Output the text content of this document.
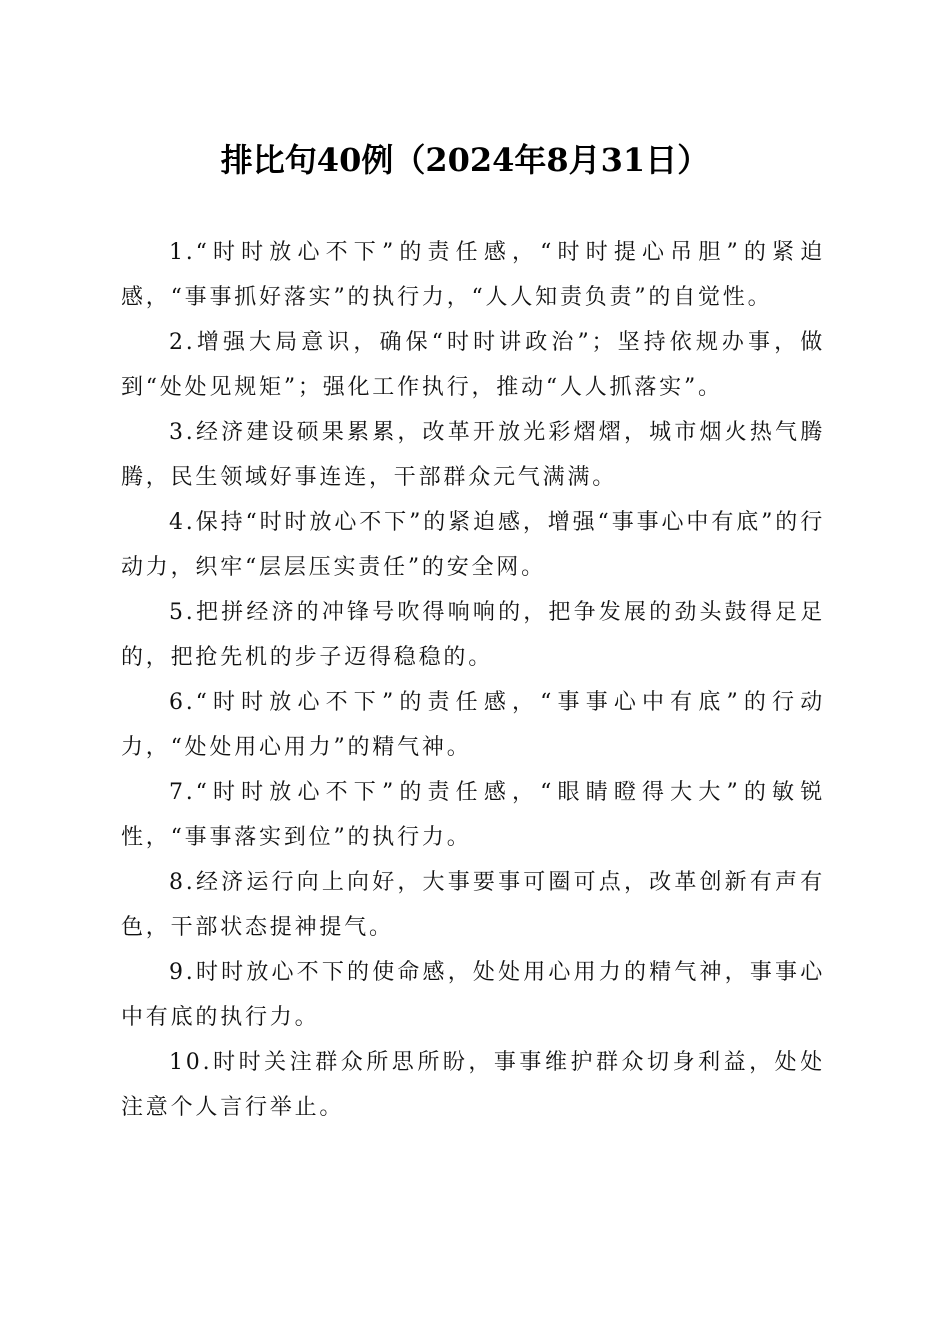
排比句40例（2024年8月31日）

1.“时时放心不下”的责任感，“时时提心吊胆”的紧迫感，“事事抓好落实”的执行力，“人人知责负责”的自觉性。

2.增强大局意识，确保“时时讲政治”；坚持依规办事，做到“处处见规矩”；强化工作执行，推动“人人抓落实”。

3.经济建设硕果累累，改革开放光彩熠熠，城市烟火热气腾腾，民生领域好事连连，干部群众元气满满。

4.保持“时时放心不下”的紧迫感，增强“事事心中有底”的行动力，织牢“层层压实责任”的安全网。

5.把拼经济的冲锋号吹得响响的，把争发展的劲头鼓得足足的，把抢先机的步子迈得稳稳的。

6.“时时放心不下”的责任感，“事事心中有底”的行动力，“处处用心用力”的精气神。

7.“时时放心不下”的责任感，“眼睛瞪得大大”的敏锐性，“事事落实到位”的执行力。

8.经济运行向上向好，大事要事可圈可点，改革创新有声有色，干部状态提神提气。

9.时时放心不下的使命感，处处用心用力的精气神，事事心中有底的执行力。

10.时时关注群众所思所盼，事事维护群众切身利益，处处注意个人言行举止。
